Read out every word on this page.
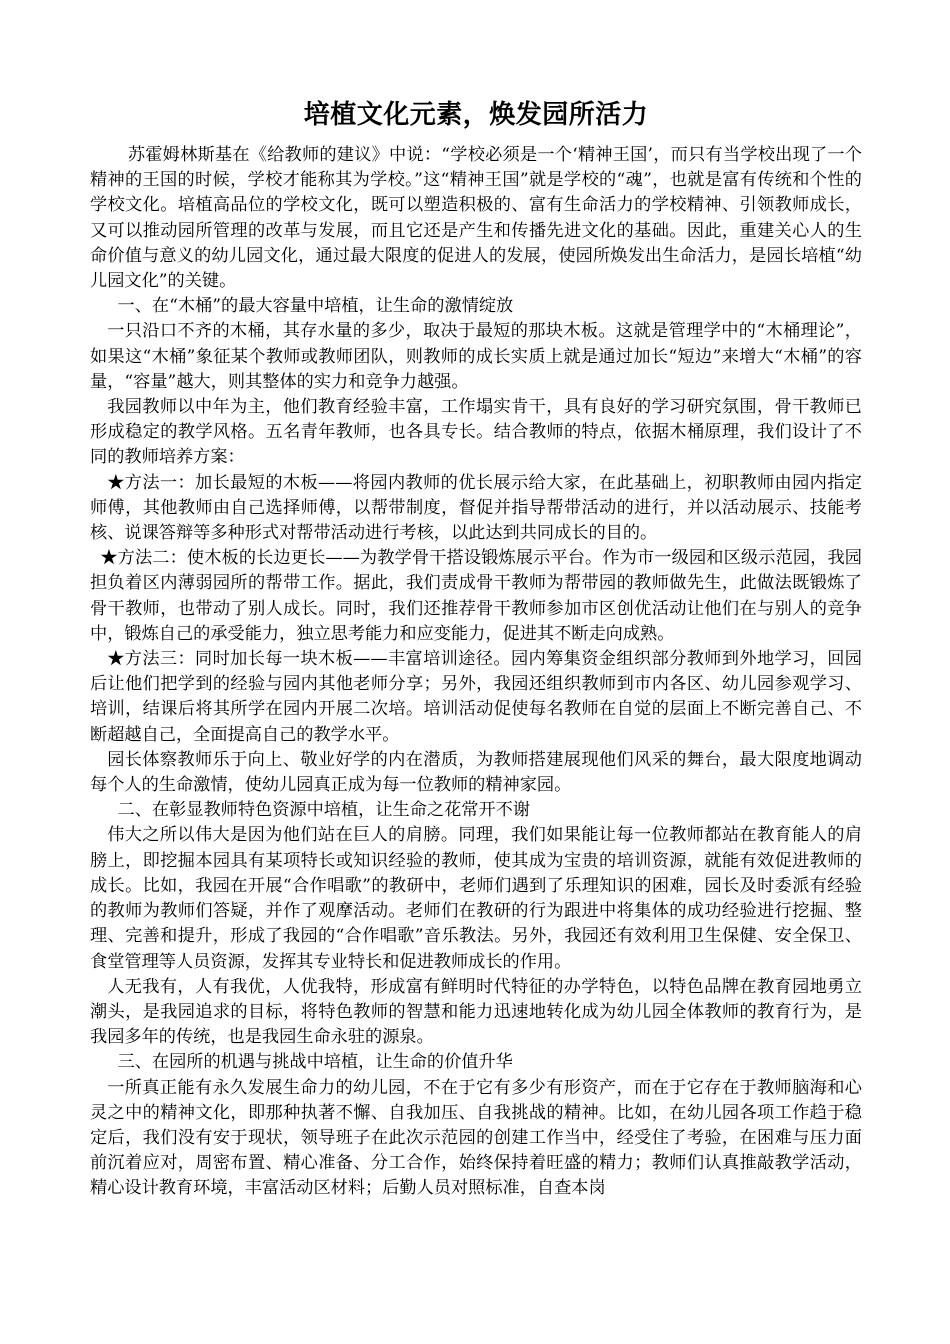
培植文化元素，焕发园所活力

苏霍姆林斯基在《给教师的建议》中说：“学校必须是一个‘精神王国’，而只有当学校出现了一个精神的王国的时候，学校才能称其为学校。”这“精神王国”就是学校的“魂”，也就是富有传统和个性的学校文化。培植高品位的学校文化，既可以塑造积极的、富有生命活力的学校精神、引领教师成长，又可以推动园所管理的改革与发展，而且它还是产生和传播先进文化的基础。因此，重建关心人的生命价值与意义的幼儿园文化，通过最大限度的促进人的发展，使园所焕发出生命活力，是园长培植“幼儿园文化”的关键。

一、在“木桶”的最大容量中培植，让生命的激情绽放

一只沿口不齐的木桶，其存水量的多少，取决于最短的那块木板。这就是管理学中的“木桶理论”，如果这“木桶”象征某个教师或教师团队，则教师的成长实质上就是通过加长“短边”来增大“木桶”的容量，“容量”越大，则其整体的实力和竞争力越强。

我园教师以中年为主，他们教育经验丰富，工作塌实肯干，具有良好的学习研究氛围，骨干教师已形成稳定的教学风格。五名青年教师，也各具专长。结合教师的特点，依据木桶原理，我们设计了不同的教师培养方案：

★方法一：加长最短的木板——将园内教师的优长展示给大家，在此基础上，初职教师由园内指定师傅，其他教师由自己选择师傅，以帮带制度，督促并指导帮带活动的进行，并以活动展示、技能考核、说课答辩等多种形式对帮带活动进行考核，以此达到共同成长的目的。

★方法二：使木板的长边更长——为教学骨干搭设锻炼展示平台。作为市一级园和区级示范园，我园担负着区内薄弱园所的帮带工作。据此，我们责成骨干教师为帮带园的教师做先生，此做法既锻炼了骨干教师，也带动了别人成长。同时，我们还推荐骨干教师参加市区创优活动让他们在与别人的竞争中，锻炼自己的承受能力，独立思考能力和应变能力，促进其不断走向成熟。

★方法三：同时加长每一块木板——丰富培训途径。园内筹集资金组织部分教师到外地学习，回园后让他们把学到的经验与园内其他老师分享；另外，我园还组织教师到市内各区、幼儿园参观学习、培训，结课后将其所学在园内开展二次培。培训活动促使每名教师在自觉的层面上不断完善自己、不断超越自己，全面提高自己的教学水平。

园长体察教师乐于向上、敬业好学的内在潜质，为教师搭建展现他们风采的舞台，最大限度地调动每个人的生命激情，使幼儿园真正成为每一位教师的精神家园。

二、在彰显教师特色资源中培植，让生命之花常开不谢

伟大之所以伟大是因为他们站在巨人的肩膀。同理，我们如果能让每一位教师都站在教育能人的肩膀上，即挖掘本园具有某项特长或知识经验的教师，使其成为宝贵的培训资源，就能有效促进教师的成长。比如，我园在开展“合作唱歌”的教研中，老师们遇到了乐理知识的困难，园长及时委派有经验的教师为教师们答疑，并作了观摩活动。老师们在教研的行为跟进中将集体的成功经验进行挖掘、整理、完善和提升，形成了我园的“合作唱歌”音乐教法。另外，我园还有效利用卫生保健、安全保卫、食堂管理等人员资源，发挥其专业特长和促进教师成长的作用。

人无我有，人有我优，人优我特，形成富有鲜明时代特征的办学特色，以特色品牌在教育园地勇立潮头，是我园追求的目标，将特色教师的智慧和能力迅速地转化成为幼儿园全体教师的教育行为，是我园多年的传统，也是我园生命永驻的源泉。

三、在园所的机遇与挑战中培植，让生命的价值升华

一所真正能有永久发展生命力的幼儿园，不在于它有多少有形资产，而在于它存在于教师脑海和心灵之中的精神文化，即那种执著不懈、自我加压、自我挑战的精神。比如，在幼儿园各项工作趋于稳定后，我们没有安于现状，领导班子在此次示范园的创建工作当中，经受住了考验，在困难与压力面前沉着应对，周密布置、精心准备、分工合作，始终保持着旺盛的精力；教师们认真推敲教学活动，精心设计教育环境，丰富活动区材料；后勤人员对照标准，自查本岗
